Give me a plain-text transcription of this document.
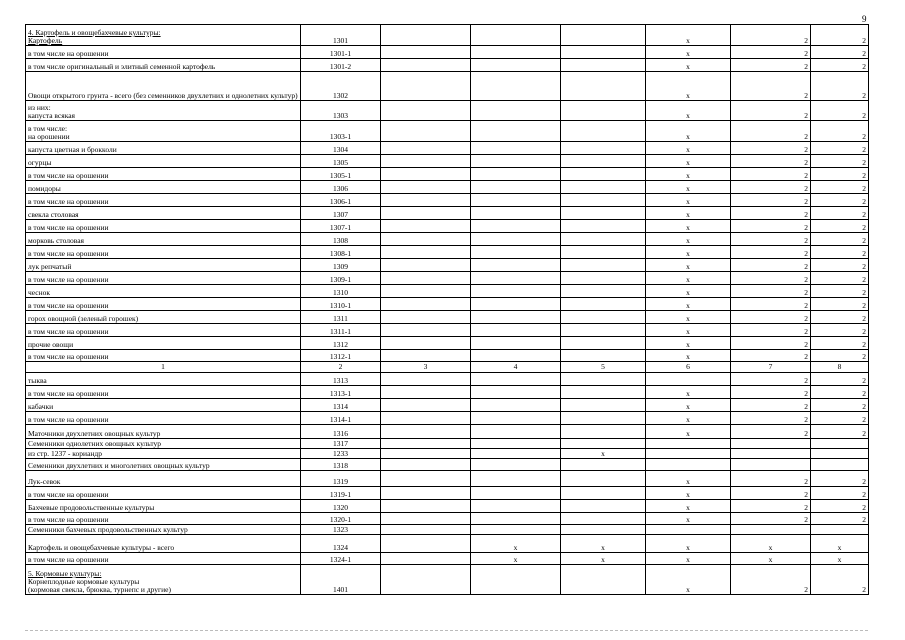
9
4. Картофель и овощебахчевые культуры:
Картофель	1301				x	2	2
в том числе на орошении	1301-1				x	2	2
в том числе оригинальный и элитный семенной картофель	1301-2				x	2	2
Овощи открытого грунта - всего (без семенников двухлетних и однолетних культур)	1302				x	2	2
из них:
капуста всякая	1303				x	2	2
в том числе:
на орошении	1303-1				x	2	2
капуста цветная и брокколи	1304				x	2	2
огурцы	1305				x	2	2
в том числе на орошении	1305-1				x	2	2
помидоры	1306				x	2	2
в том числе на орошении	1306-1				x	2	2
свекла столовая	1307				x	2	2
в том числе на орошении	1307-1				x	2	2
морковь столовая	1308				x	2	2
в том числе на орошении	1308-1				x	2	2
лук репчатый	1309				x	2	2
в том числе на орошении	1309-1				x	2	2
чеснок	1310				x	2	2
в том числе на орошении	1310-1				x	2	2
горох овощной (зеленый горошек)	1311				x	2	2
в том числе на орошении	1311-1				x	2	2
прочие овощи	1312				x	2	2
в том числе на орошении	1312-1				x	2	2
1	2	3	4	5	6	7	8
тыква	1313					2	2
в том числе на орошении	1313-1				x	2	2
кабачки	1314				x	2	2
в том числе на орошении	1314-1				x	2	2
Маточники двухлетних овощных культур	1316				x	2	2
Семенники однолетних овощных культур	1317						
из стр. 1237 - кориандр	1233			x			
Семенники двухлетних и многолетних овощных культур	1318						
Лук-севок	1319				x	2	2
в том числе на орошении	1319-1				x	2	2
Бахчевые продовольственные культуры	1320				x	2	2
в том числе на орошении	1320-1				x	2	2
Семенники бахчевых продовольственных культур	1323						
Картофель и овощебахчевые культуры - всего	1324		x	x	x	x	x
в том числе на орошении	1324-1		x	x	x	x	x
5. Кормовые культуры:
Корнеплодные кормовые культуры
(кормовая свекла, брюква, турнепс и другие)	1401				x	2	2
